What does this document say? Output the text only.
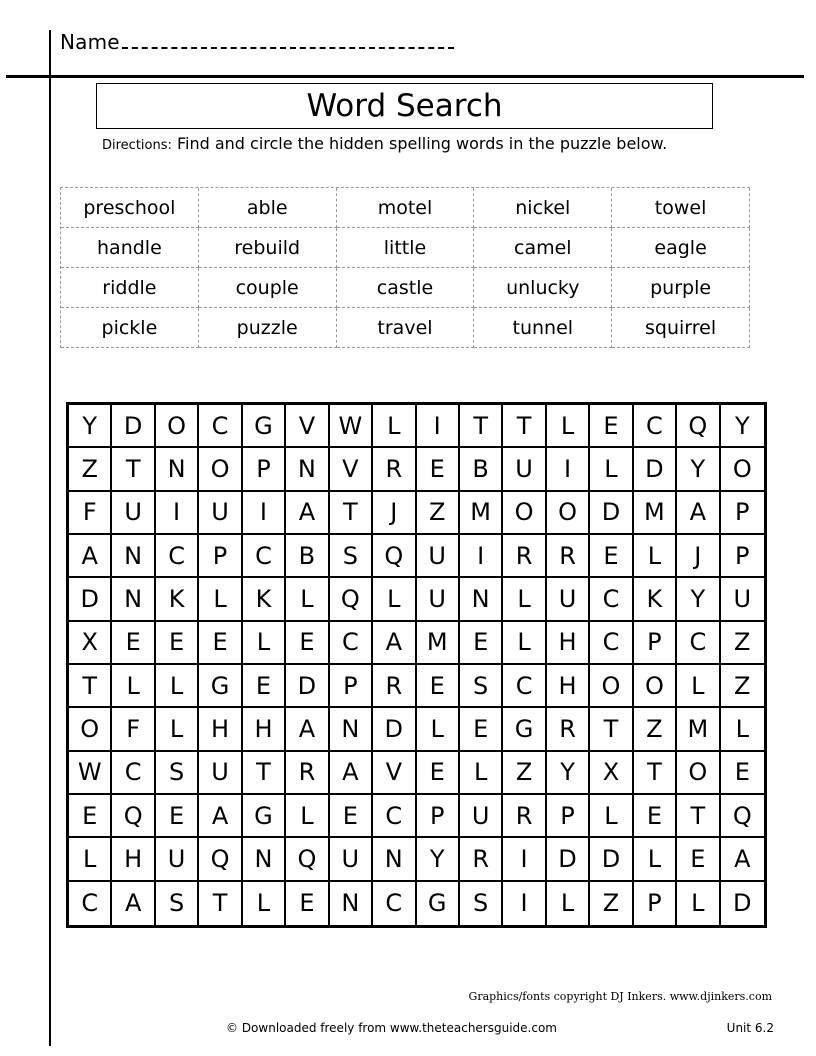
Name
Word Search
Directions: Find and circle the hidden spelling words in the puzzle below.
preschool	able	motel	nickel	towel
handle	rebuild	little	camel	eagle
riddle	couple	castle	unlucky	purple
pickle	puzzle	travel	tunnel	squirrel
Y	D	O	C	G	V W	L	I	T	T	L	E	C	Q	Y
Z	T	N	O	P	N	V	R	E	B	U	I	L	D	Y	O
F	U	I	U	I	A	T	J	Z	M O	O	D M	A	P
A	N	C	P	C	B	S	Q	U	I	R	R	E	L	J	P
D	N	K	L	K	L	Q	L	U	N	L	U	C	K	Y	U
X	E	E	E	L	E	C	A	M	E	L	H	C	P	C	Z
T	L	L	G	E	D	P	R	E	S	C	H	O	O	L	Z
O	F	L	H	H	A	N	D	L	E	G	R	T	Z	M	L
W C	S	U	T	R	A	V	E	L	Z	Y	X	T	O	E
E	Q	E	A	G	L	E	C	P	U	R	P	L	E	T	Q
L	H	U	Q	N	Q	U	N	Y	R	I	D	D	L	E	A
C	A	S	T	L	E	N	C	G	S	I	L	Z	P	L	D
Graphics/fonts copyright DJ Inkers. www.djinkers.com
© Downloaded freely from www.theteachersguide.com	Unit 6.2
